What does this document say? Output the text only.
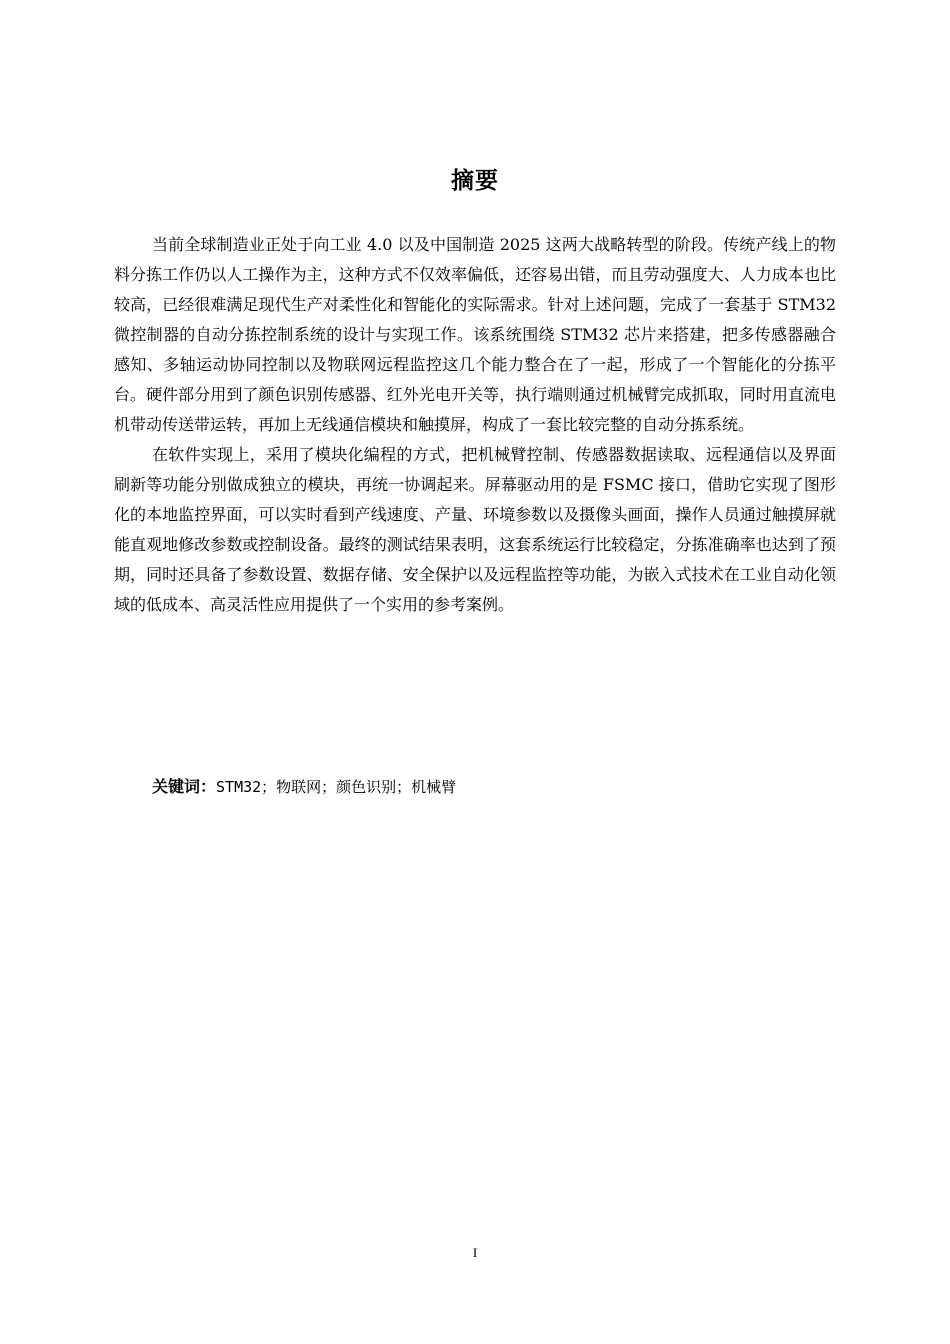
摘要

当前全球制造业正处于向工业 4.0 以及中国制造 2025 这两大战略转型的阶段。传统产线上的物料分拣工作仍以人工操作为主，这种方式不仅效率偏低，还容易出错，而且劳动强度大、人力成本也比较高，已经很难满足现代生产对柔性化和智能化的实际需求。针对上述问题，完成了一套基于 STM32 微控制器的自动分拣控制系统的设计与实现工作。该系统围绕 STM32 芯片来搭建，把多传感器融合感知、多轴运动协同控制以及物联网远程监控这几个能力整合在了一起，形成了一个智能化的分拣平台。硬件部分用到了颜色识别传感器、红外光电开关等，执行端则通过机械臂完成抓取，同时用直流电机带动传送带运转，再加上无线通信模块和触摸屏，构成了一套比较完整的自动分拣系统。

在软件实现上，采用了模块化编程的方式，把机械臂控制、传感器数据读取、远程通信以及界面刷新等功能分别做成独立的模块，再统一协调起来。屏幕驱动用的是 FSMC 接口，借助它实现了图形化的本地监控界面，可以实时看到产线速度、产量、环境参数以及摄像头画面，操作人员通过触摸屏就能直观地修改参数或控制设备。最终的测试结果表明，这套系统运行比较稳定，分拣准确率也达到了预期，同时还具备了参数设置、数据存储、安全保护以及远程监控等功能，为嵌入式技术在工业自动化领域的低成本、高灵活性应用提供了一个实用的参考案例。

关键词：STM32；物联网；颜色识别；机械臂
I
